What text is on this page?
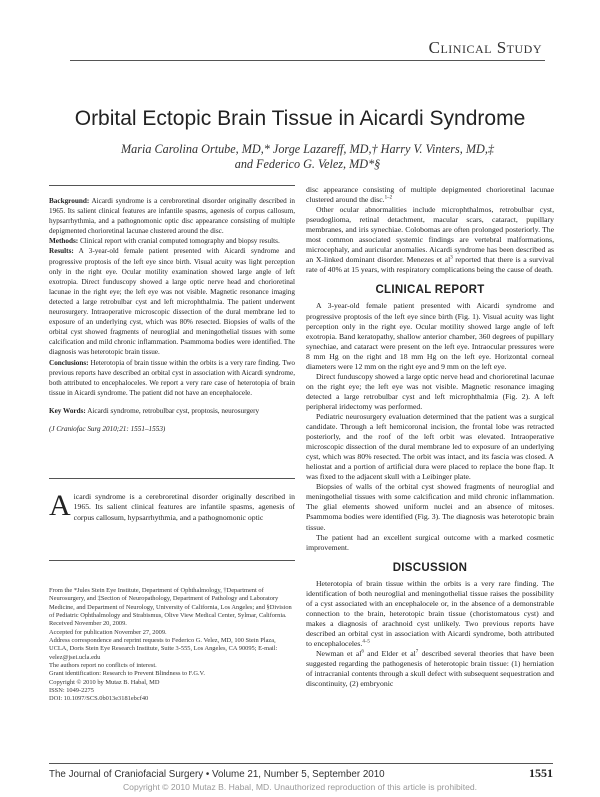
Clinical Study
Orbital Ectopic Brain Tissue in Aicardi Syndrome
Maria Carolina Ortube, MD,* Jorge Lazareff, MD,† Harry V. Vinters, MD,‡
and Federico G. Velez, MD*§

Background: Aicardi syndrome is a cerebroretinal disorder originally described in 1965. Its salient clinical features are infantile spasms, agenesis of corpus callosum, hypsarrhythmia, and a pathognomonic optic disc appearance consisting of multiple depigmented chorioretinal lacunae clustered around the disc.

Methods: Clinical report with cranial computed tomography and biopsy results.

Results: A 3-year-old female patient presented with Aicardi syndrome and progressive proptosis of the left eye since birth. Visual acuity was light perception only in the right eye. Ocular motility examination showed large angle of left exotropia. Direct funduscopy showed a large optic nerve head and chorioretinal lacunae in the right eye; the left eye was not visible. Magnetic resonance imaging detected a large retrobulbar cyst and left microphthalmia. The patient underwent neurosurgery. Intraoperative microscopic dissection of the dural membrane led to exposure of an underlying cyst, which was 80% resected. Biopsies of walls of the orbital cyst showed fragments of neuroglial and meningothelial tissues with some calcification and mild chronic inflammation. Psammoma bodies were identified. The diagnosis was heterotopic brain tissue.

Conclusions: Heterotopia of brain tissue within the orbits is a very rare finding. Two previous reports have described an orbital cyst in association with Aicardi syndrome, both attributed to encephaloceles. We report a very rare case of heterotopia of brain tissue in Aicardi syndrome. The patient did not have an encephalocele.

Key Words: Aicardi syndrome, retrobulbar cyst, proptosis, neurosurgery

(J Craniofac Surg 2010;21: 1551–1553)

Aicardi syndrome is a cerebroretinal disorder originally described in 1965. Its salient clinical features are infantile spasms, agenesis of corpus callosum, hypsarrhythmia, and a pathognomonic optic
From the *Jules Stein Eye Institute, Department of Ophthalmology, †Department of Neurosurgery, and ‡Section of Neuropathology, Department of Pathology and Laboratory Medicine, and Department of Neurology, University of California, Los Angeles; and §Division of Pediatric Ophthalmology and Strabismus, Olive View Medical Center, Sylmar, California.
Received November 20, 2009.
Accepted for publication November 27, 2009.
Address correspondence and reprint requests to Federico G. Velez, MD, 100 Stein Plaza, UCLA, Doris Stein Eye Research Institute, Suite 3-555, Los Angeles, CA 90095; E-mail: velez@jsei.ucla.edu
The authors report no conflicts of interest.
Grant identification: Research to Prevent Blindness to F.G.V.
Copyright © 2010 by Mutaz B. Habal, MD
ISSN: 1049-2275
DOI: 10.1097/SCS.0b013e3181ebcf40

disc appearance consisting of multiple depigmented chorioretinal lacunae clustered around the disc.$^{1-2}$

Other ocular abnormalities include microphthalmos, retrobulbar cyst, pseudoglioma, retinal detachment, macular scars, cataract, pupillary membranes, and iris synechiae. Colobomas are often prolonged posteriorly. The most common associated systemic findings are vertebral malformations, microcephaly, and auricular anomalies. Aicardi syndrome has been described as an X-linked dominant disorder. Menezes et $al^3$ reported that there is a survival rate of 40% at 15 years, with respiratory complications being the cause of death.

CLINICAL REPORT

A 3-year-old female patient presented with Aicardi syndrome and progressive proptosis of the left eye since birth (Fig. 1). Visual acuity was light perception only in the right eye. Ocular motility showed large angle of left exotropia. Band keratopathy, shallow anterior chamber, 360 degrees of pupillary synechiae, and cataract were present on the left eye. Intraocular pressures were 8 mm Hg on the right and 18 mm Hg on the left eye. Horizontal corneal diameters were 12 mm on the right eye and 9 mm on the left eye.

Direct funduscopy showed a large optic nerve head and chorioretinal lacunae on the right eye; the left eye was not visible. Magnetic resonance imaging detected a large retrobulbar cyst and left microphthalmia (Fig. 2). A left peripheral iridectomy was performed.

Pediatric neurosurgery evaluation determined that the patient was a surgical candidate. Through a left hemicoronal incision, the frontal lobe was retracted posteriorly, and the roof of the left orbit was elevated. Intraoperative microscopic dissection of the dural membrane led to exposure of an underlying cyst, which was 80% resected. The orbit was intact, and its fascia was closed. A heliostat and a portion of artificial dura were placed to replace the bone flap. It was fixed to the adjacent skull with a Leibinger plate.

Biopsies of walls of the orbital cyst showed fragments of neuroglial and meningothelial tissues with some calcification and mild chronic inflammation. The glial elements showed uniform nuclei and an absence of mitoses. Psammoma bodies were identified (Fig. 3). The diagnosis was heterotopic brain tissue.

The patient had an excellent surgical outcome with a marked cosmetic improvement.

DISCUSSION

Heterotopia of brain tissue within the orbits is a very rare finding. The identification of both neuroglial and meningothelial tissue raises the possibility of a cyst associated with an encephalocele or, in the absence of a demonstrable connection to the brain, heterotopic brain tissue (choristomatous cyst) and makes a diagnosis of arachnoid cyst unlikely. Two previous reports have described an orbital cyst in association with Aicardi syndrome, both attributed to encephaloceles.$^{4-5}$

Newman et $al^6$ and Elder et $al^7$ described several theories that have been suggested regarding the pathogenesis of heterotopic brain tissue: (1) herniation of intracranial contents through a skull defect with subsequent sequestration and discontinuity, (2) embryonic

The Journal of Craniofacial Surgery • Volume 21, Number 5, September 2010	1551
Copyright © 2010 Mutaz B. Habal, MD. Unauthorized reproduction of this article is prohibited.
